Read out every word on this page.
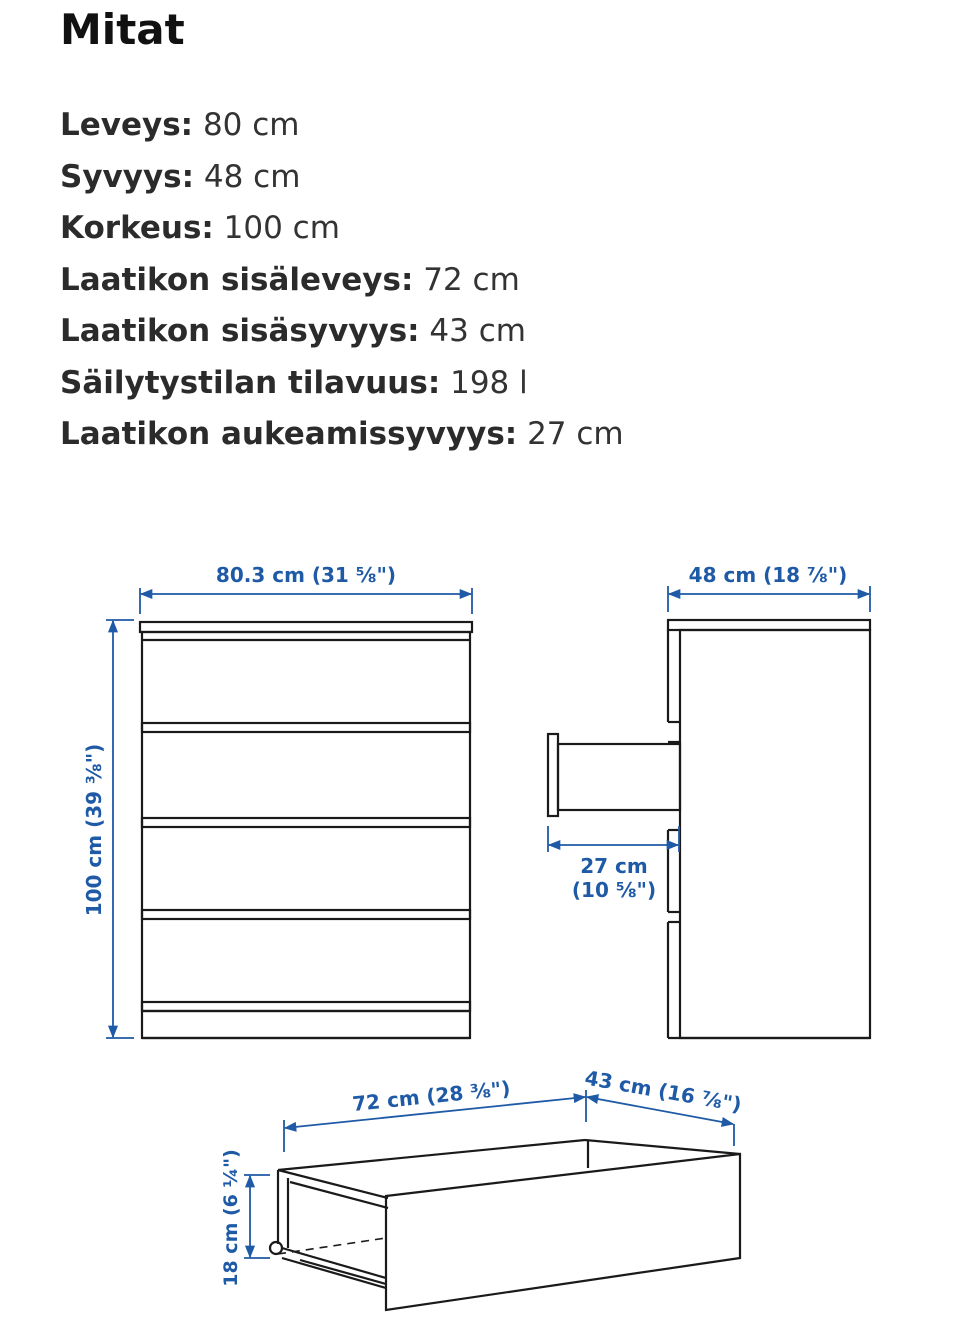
Mitat
Leveys: 80 cm
Syvyys: 48 cm
Korkeus: 100 cm
Laatikon sisäleveys: 72 cm
Laatikon sisäsyvyys: 43 cm
Säilytystilan tilavuus: 198 l
Laatikon aukeamissyvyys: 27 cm
80.3 cm (31 ⅝")
100 cm (39 ⅜")
48 cm (18 ⅞")
27 cm
(10 ⅝")
72 cm (28 ⅜")	43 cm (16 ⅞")
18 cm (6 ¼")
